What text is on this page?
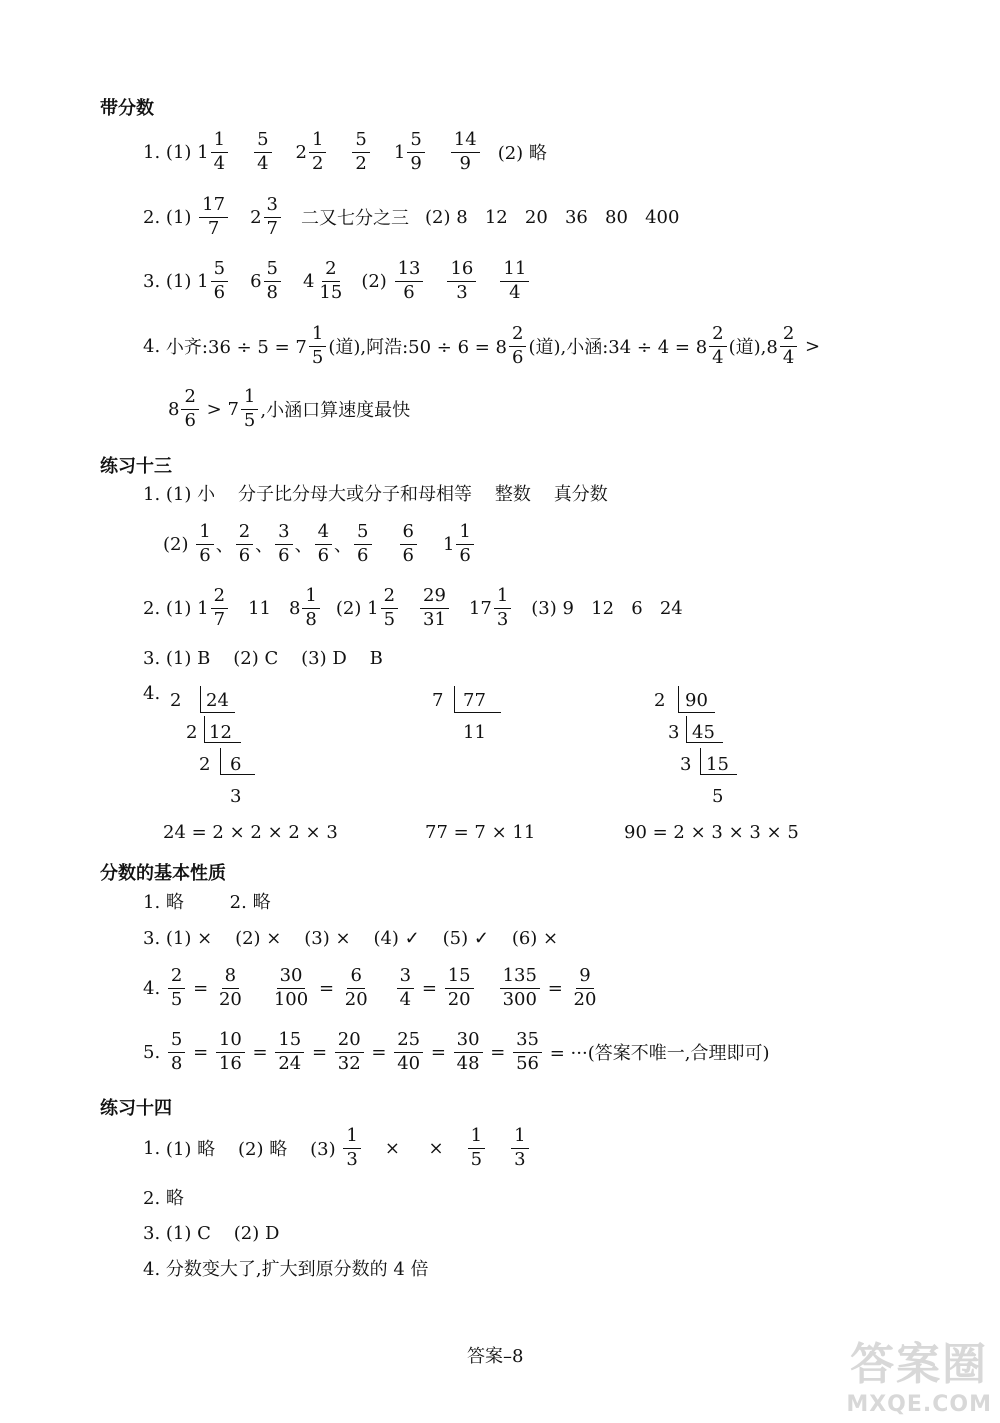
带分数
1.
(1)
1
1
4
5
4
2
1
2
5
2
1
5
9
14
9 (2) 略
2.
(1)

17
7
2
3
7 二又七分之三 (2)
8   12   20   36   80   400
3.
(1)
1
5
6
6
5
8
4
2
15
(2)

13
6
16
3
11
4
4.
小齐:36 ÷ 5 = 7
1
5 (道),阿浩:50 ÷ 6 = 8
2
6 (道),小涵:34 ÷ 4 = 8
2
4 (道),8
2
4

>
8
2
6

> 7
1
5 ,小涵口算速度最快
练习十三
1. (1) 小    分子比分母大或分子和母相等    整数    真分数
(2)

1
6 、
2
6 、
3
6 、
4
6 、
5
6
6
6
1
1
6
2.
(1)
1
2
7
11 8
1
8
(2)
1
2
5
29
31
17
1
3
(3)
9   12   6   24
3. (1) B    (2) C    (3) D    B
4. 2 24
2 12
2 6
3
7 77
11
2 90
3 45
3 15
5
24 = 2 × 2 × 2 × 3	77 = 7 × 11	90 = 2 × 3 × 3 × 5
分数的基本性质
1. 略        2. 略
3. (1) ×    (2) ×    (3) ×    (4) ✓    (5) ✓    (6) ×
4.
$\frac{2}{5}$
=
$\frac{8}{20} \frac{30}{100}$
=
$\frac{6}{20} \frac{3}{4}$
=
$\frac{15}{20} \frac{135}{300}$
=
$\frac{9}{20}$
5.

5
8
=
10
16
=
15
24
=
20
32
=
25
40
=
30
48
= $\frac{35}{56}$
= ···(答案不唯一,合理即可)
练习十四
1.
(1) 略    (2) 略    (3)

1
3
×     ×
1
5
1
3
2. 略
3. (1) C    (2) D
4. 分数变大了,扩大到原分数的 4 倍
答案–8	答案圈
MXQE.COM
